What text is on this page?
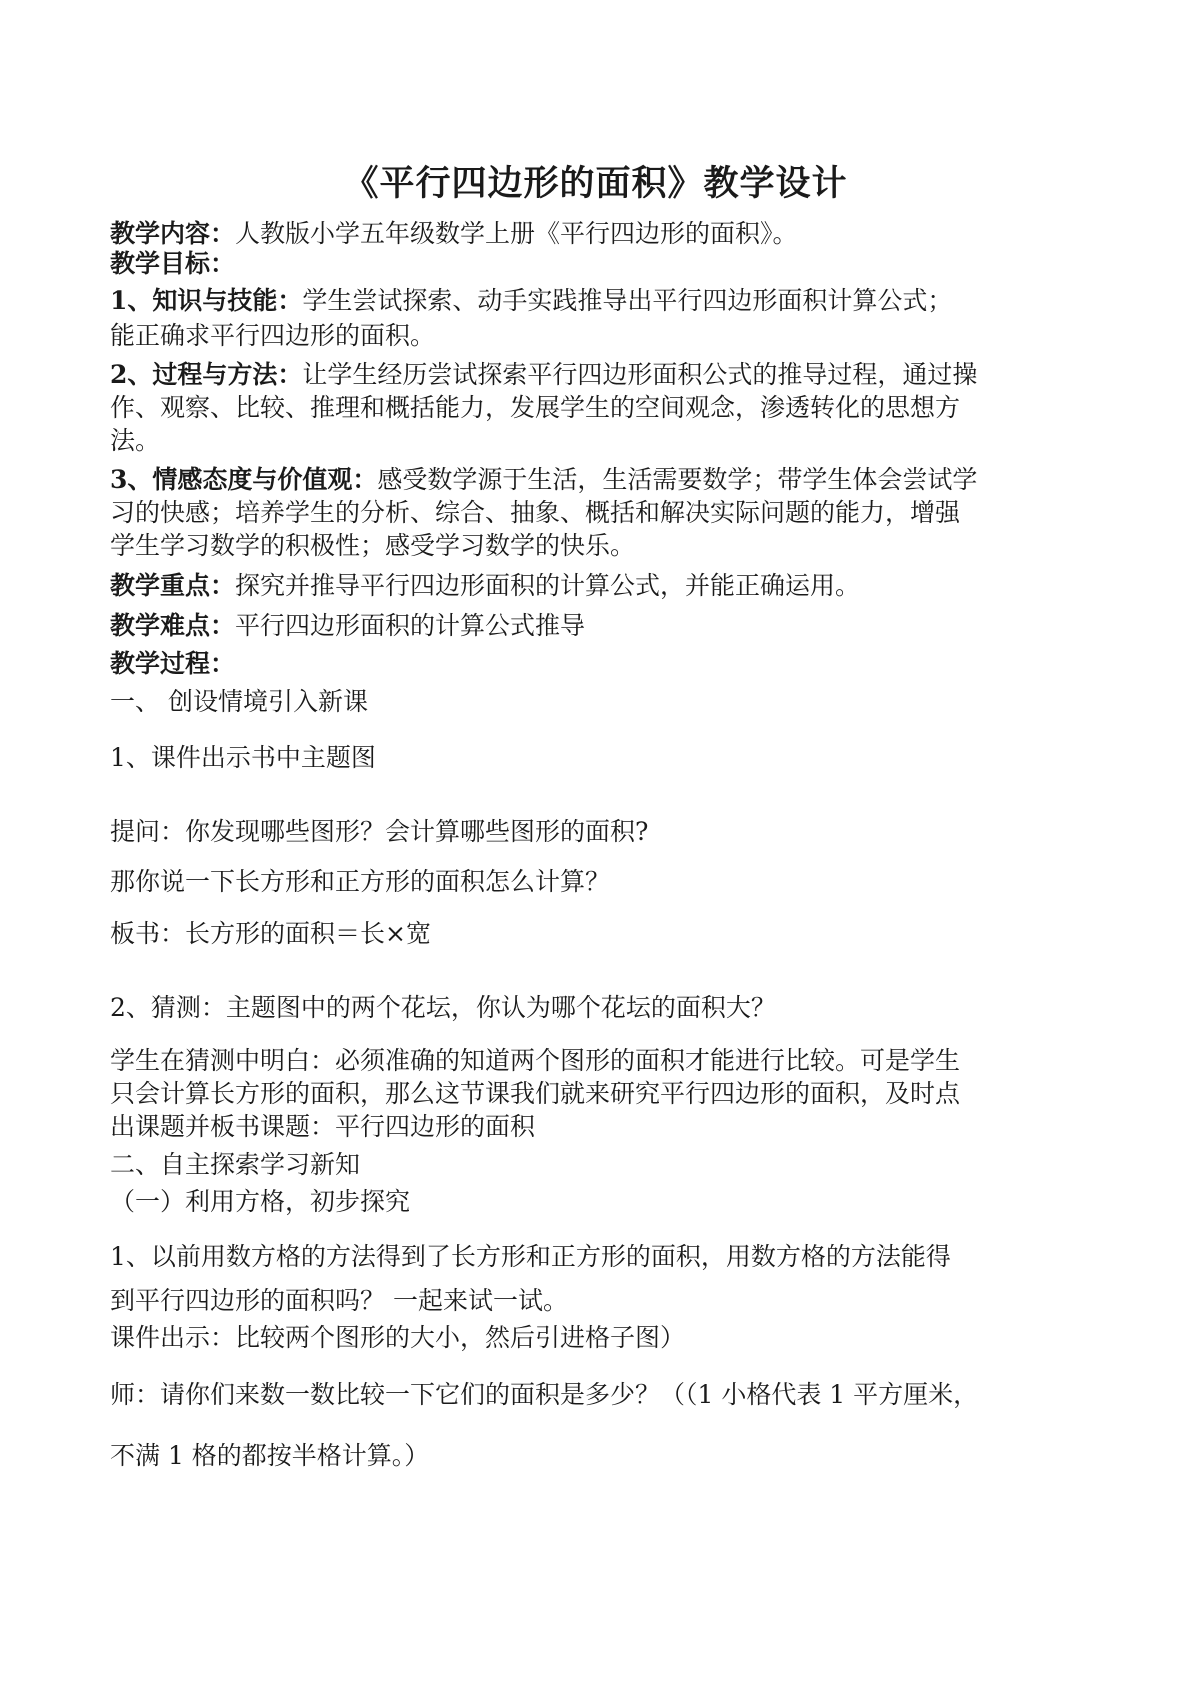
《平行四边形的面积》教学设计
教学内容：人教版小学五年级数学上册《平行四边形的面积》。
教学目标：
1、知识与技能：学生尝试探索、动手实践推导出平行四边形面积计算公式；
能正确求平行四边形的面积。
2、过程与方法：让学生经历尝试探索平行四边形面积公式的推导过程，通过操
作、观察、比较、推理和概括能力，发展学生的空间观念，渗透转化的思想方
法。
3、情感态度与价值观：感受数学源于生活，生活需要数学；带学生体会尝试学
习的快感；培养学生的分析、综合、抽象、概括和解决实际问题的能力，增强
学生学习数学的积极性；感受学习数学的快乐。
教学重点：探究并推导平行四边形面积的计算公式，并能正确运用。
教学难点：平行四边形面积的计算公式推导
教学过程：
一、 创设情境引入新课
1、课件出示书中主题图
提问：你发现哪些图形？会计算哪些图形的面积?
那你说一下长方形和正方形的面积怎么计算？
板书：长方形的面积＝长×宽
2、猜测：主题图中的两个花坛，你认为哪个花坛的面积大？
学生在猜测中明白：必须准确的知道两个图形的面积才能进行比较。可是学生
只会计算长方形的面积，那么这节课我们就来研究平行四边形的面积，及时点
出课题并板书课题：平行四边形的面积
二、自主探索学习新知
（一）利用方格，初步探究
1、以前用数方格的方法得到了长方形和正方形的面积，用数方格的方法能得
到平行四边形的面积吗？ 一起来试一试。
课件出示：比较两个图形的大小，然后引进格子图）
师：请你们来数一数比较一下它们的面积是多少？（（1 小格代表 1 平方厘米，
不满 1 格的都按半格计算。）
